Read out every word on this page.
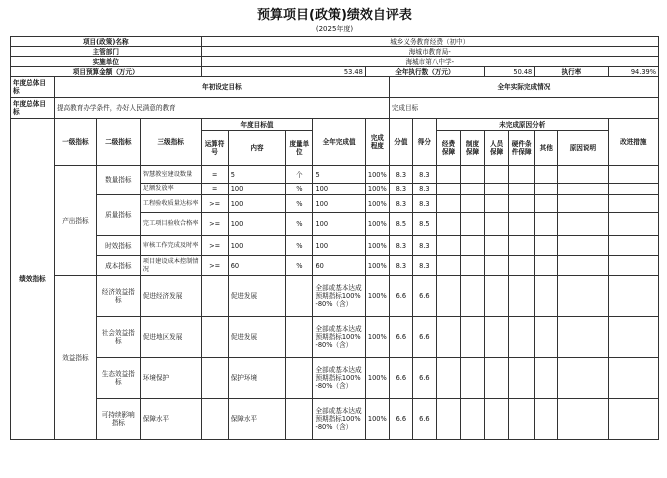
预算项目(政策)绩效自评表
(2025年度)
项目(政策)名称				城乡义务教育经费（初中）													
主管部门				海城市教育局-													
实施单位				海城市第八中学-													
项目预算金额（万元）				53.48				全年执行数（万元）					50.48		执行率		94.39%
年度总体目标	年初设定目标								全年实际完成情况								
年度总体目标	提高教育办学条件，办好人民满意的教育								完成目标								
绩效指标	一级指标	二级指标	三级指标	年度目标值			全年完成值	完成程度	分值	得分	未完成原因分析						改进措施
				运算符号	内容	度量单位					经费保障	制度保障	人员保障	硬件条件保障	其他	原因说明	
	产出指标	数量指标	智慧教室建设数量	=	5	个	5	100%	8.3	8.3							
			足额发放率	=	100	%	100	100%	8.3	8.3							
		质量指标	工程验收质量达标率	>=	100	%	100	100%	8.3	8.3							
			完工项目验收合格率	>=	100	%	100	100%	8.5	8.5							
		时效指标	审核工作完成及时率	>=	100	%	100	100%	8.3	8.3							
		成本指标	项目建设成本控制情况	>=	60	%	60	100%	8.3	8.3							
	效益指标	经济效益指标	促进经济发展		促进发展		全部或基本达成预期指标100%-80%（含）	100%	6.6	6.6							
		社会效益指标	促进地区发展		促进发展		全部或基本达成预期指标100%-80%（含）	100%	6.6	6.6							
		生态效益指标	环境保护		保护环境		全部或基本达成预期指标100%-80%（含）	100%	6.6	6.6							
		可持续影响指标	保障水平		保障水平		全部或基本达成预期指标100%-80%（含）	100%	6.6	6.6							
